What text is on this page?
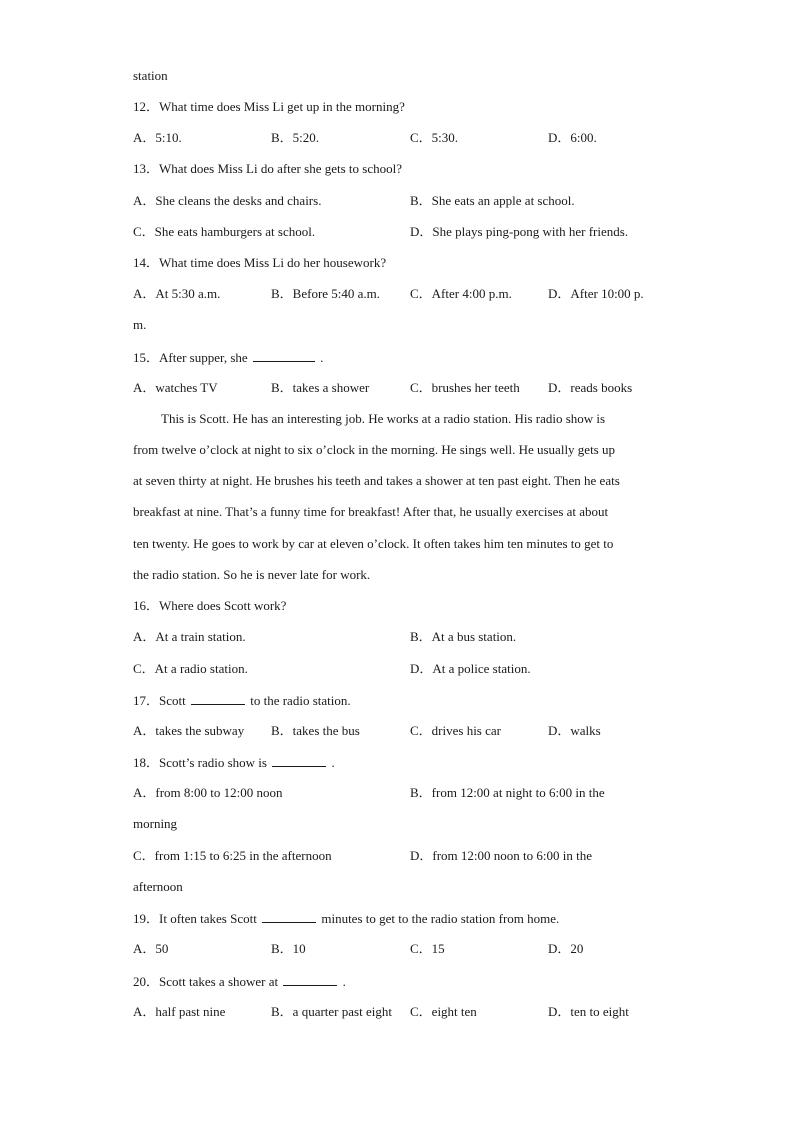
station
12．What time does Miss Li get up in the morning?
A．5:10.	B．5:20.	C．5:30.	D．6:00.
13．What does Miss Li do after she gets to school?
A．She cleans the desks and chairs.	B．She eats an apple at school.
C．She eats hamburgers at school.	D．She plays ping-pong with her friends.
14．What time does Miss Li do her housework?
A．At 5:30 a.m.	B．Before 5:40 a.m. C．After 4:00 p.m.	D．After 10:00 p.
m.
15．After supper, she	.
A．watches TV	B．takes a shower	C．brushes her teeth D．reads books
This is Scott. He has an interesting job. He works at a radio station. His radio show is
from twelve o’clock at night to six o’clock in the morning. He sings well. He usually gets up
at seven thirty at night. He brushes his teeth and takes a shower at ten past eight. Then he eats
breakfast at nine. That’s a funny time for breakfast! After that, he usually exercises at about
ten twenty. He goes to work by car at eleven o’clock. It often takes him ten minutes to get to
the radio station. So he is never late for work.
16．Where does Scott work?
A．At a train station.	B．At a bus station.
C．At a radio station.	D．At a police station.
17．Scott	to the radio station.
A．takes the subway B．takes the bus	C．drives his car	D．walks
18．Scott’s radio show is	.
A．from 8:00 to 12:00 noon	B．from 12:00 at night to 6:00 in the
morning
C．from 1:15 to 6:25 in the afternoon	D．from 12:00 noon to 6:00 in the
afternoon
19．It often takes Scott	minutes to get to the radio station from home.
A．50	B．10	C．15	D．20
20．Scott takes a shower at	.
A．half past nine	B．a quarter past eight C．eight ten	D．ten to eight
